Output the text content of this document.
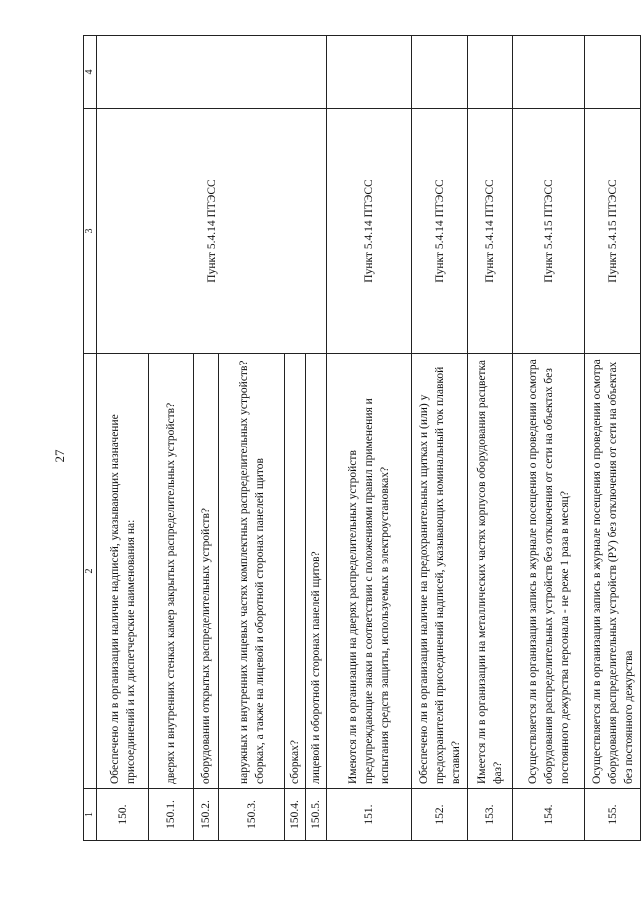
27
1	2	3	4
150.	Обеспечено ли в организации наличие надписей, указывающих назначение присоединений и их диспетчерские наименования на:	Пункт 5.4.14 ПТЭСС	
150.1.	дверях и внутренних стенках камер закрытых распределительных устройств?		
150.2.	оборудовании открытых распределительных устройств?		
150.3.	наружных и внутренних лицевых частях комплектных распределительных устройств? сборках, а также на лицевой и оборотной сторонах панелей щитов		
150.4.	сборках?		
150.5.	лицевой и оборотной сторонах панелей щитов?		
151.	Имеются ли в организации на дверях распределительных устройств предупреждающие знаки в соответствии с положениями правил применения и испытания средств защиты, используемых в электроустановках?	Пункт 5.4.14 ПТЭСС	
152.	Обеспечено ли в организации наличие на предохранительных щитках и (или) у предохранителей присоединений надписей, указывающих номинальный ток плавкой вставки?	Пункт 5.4.14 ПТЭСС	
153.	Имеется ли в организации на металлических частях корпусов оборудования расцветка фаз?	Пункт 5.4.14 ПТЭСС	
154.	Осуществляется ли в организации запись в журнале посещения о проведении осмотра оборудования распределительных устройств без отключения от сети на объектах без постоянного дежурства персонала - не реже 1 раза в месяц?	Пункт 5.4.15 ПТЭСС	
155.	Осуществляется ли в организации запись в журнале посещения о проведении осмотра оборудования распределительных устройств (РУ) без отключения от сети на объектах без постоянного дежурства	Пункт 5.4.15 ПТЭСС	
